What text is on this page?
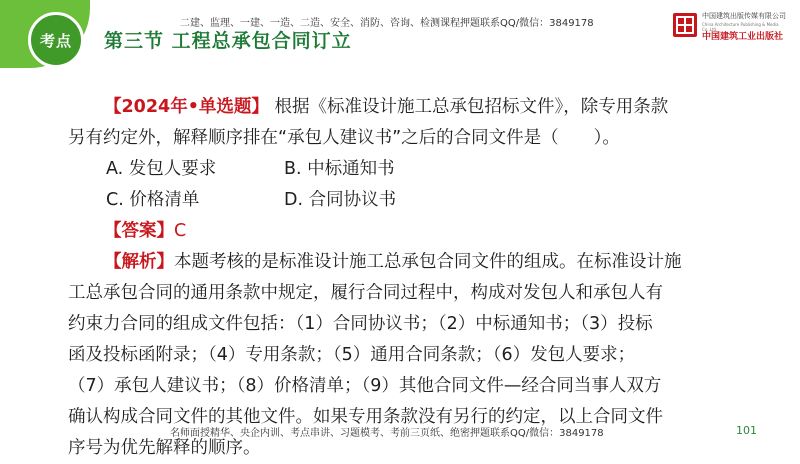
考点 第三节 工程总承包合同订立
二建、监理、一建、一造、二造、安全、消防、咨询、检测课程押题联系QQ/微信：3849178
中国建筑出版传媒有限公司
China Architecture Publishing & Media Co.,Ltd.
中国建筑工业出版社
【2024年•单选题】 根据《标准设计施工总承包招标文件》，除专用条款
另有约定外，解释顺序排在“承包人建议书”之后的合同文件是（　　）。
A. 发包人要求	B. 中标通知书
C. 价格清单	D. 合同协议书
【答案】C
【解析】本题考核的是标准设计施工总承包合同文件的组成。在标准设计施
工总承包合同的通用条款中规定，履行合同过程中，构成对发包人和承包人有
约束力合同的组成文件包括：（1）合同协议书；（2）中标通知书；（3）投标
函及投标函附录；（4）专用条款；（5）通用合同条款；（6）发包人要求；
（7）承包人建议书；（8）价格清单；（9）其他合同文件—经合同当事人双方
确认构成合同文件的其他文件。如果专用条款没有另行的约定，以上合同文件
序号为优先解释的顺序。
名师面授精华、央企内训、考点串讲、习题模考、考前三页纸、绝密押题联系QQ/微信：3849178	101
